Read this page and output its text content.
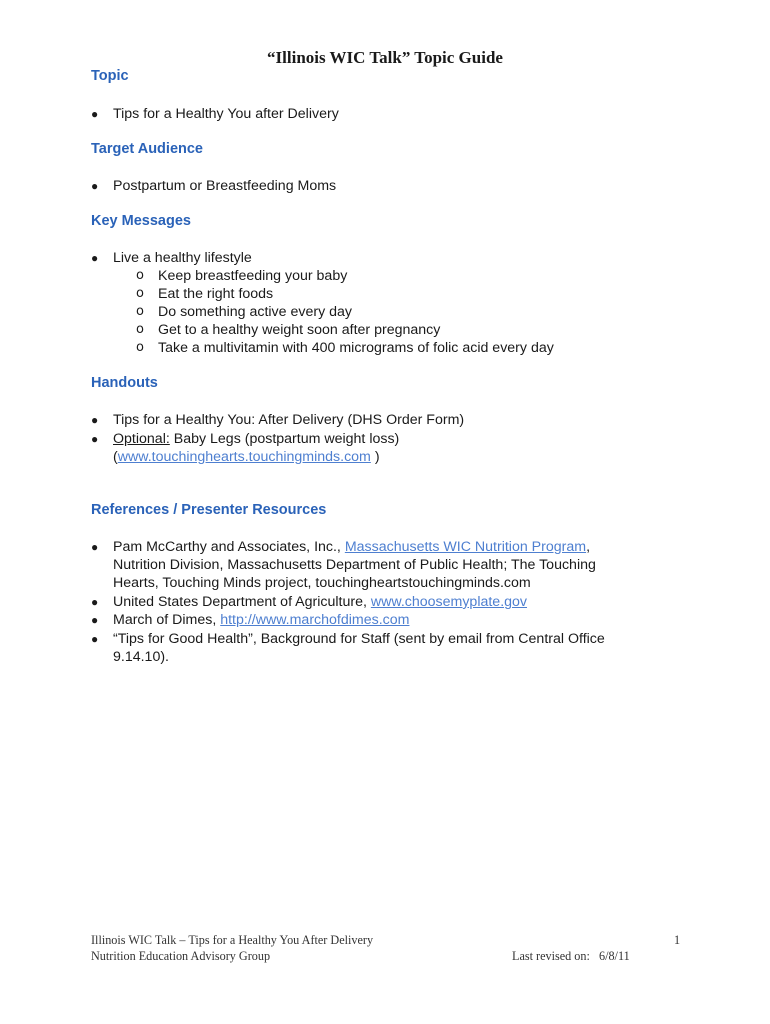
“Illinois WIC Talk” Topic Guide
Topic
● Tips for a Healthy You after Delivery
Target Audience
● Postpartum or Breastfeeding Moms
Key Messages
● Live a healthy lifestyle
o Keep breastfeeding your baby
o Eat the right foods
o Do something active every day
o Get to a healthy weight soon after pregnancy
o Take a multivitamin with 400 micrograms of folic acid every day
Handouts
● Tips for a Healthy You: After Delivery (DHS Order Form)
● Optional: Baby Legs (postpartum weight loss)
(www.touchinghearts.touchingminds.com )
References / Presenter Resources
● Pam McCarthy and Associates, Inc., Massachusetts WIC Nutrition Program,
Nutrition Division, Massachusetts Department of Public Health; The Touching
Hearts, Touching Minds project, touchingheartstouchingminds.com
● United States Department of Agriculture, www.choosemyplate.gov
● March of Dimes, http://www.marchofdimes.com
● “Tips for Good Health”, Background for Staff (sent by email from Central Office
9.14.10).
Illinois WIC Talk – Tips for a Healthy You After Delivery
Nutrition Education Advisory Group
1
Last revised on:   6/8/11
